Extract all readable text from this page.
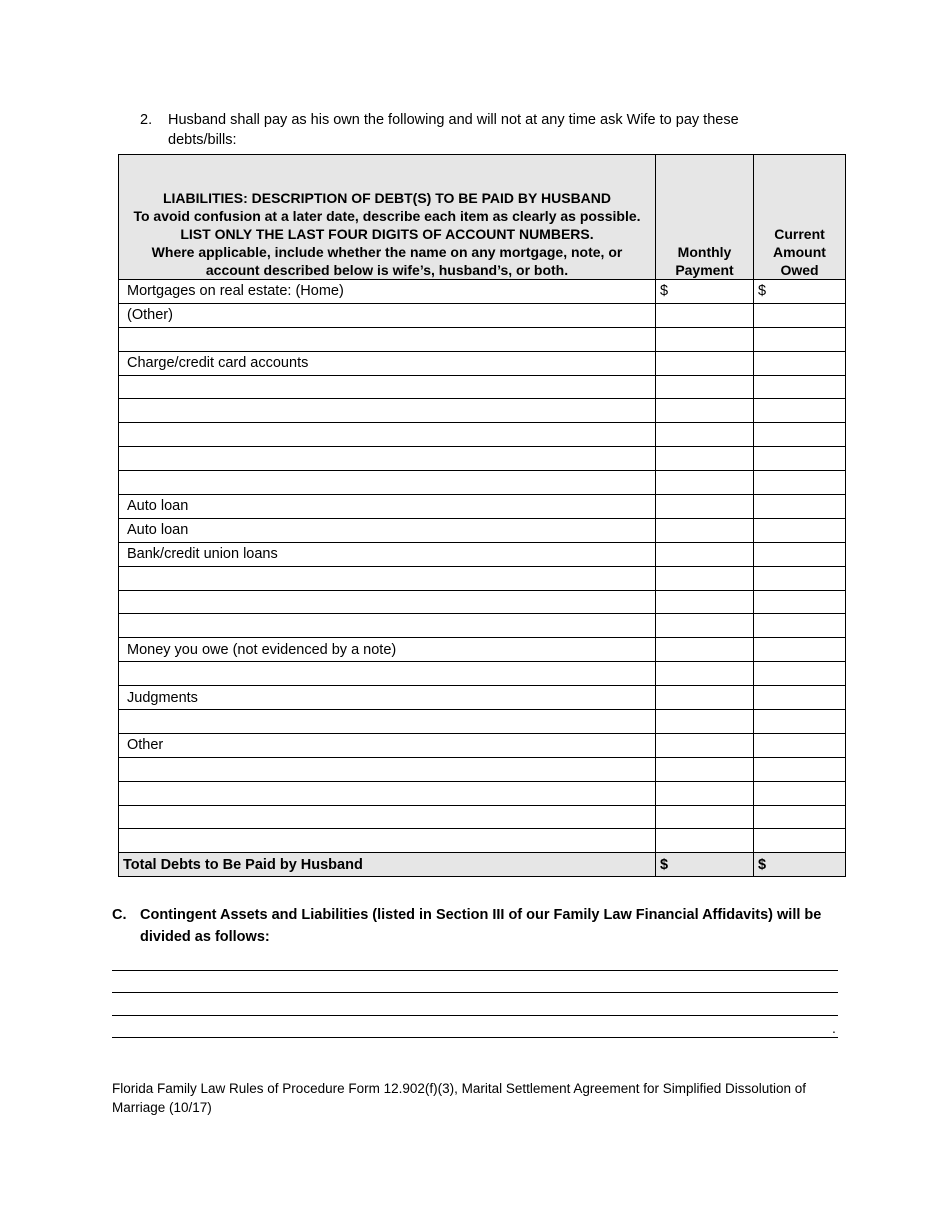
2. Husband shall pay as his own the following and will not at any time ask Wife to pay these debts/bills:

LIABILITIES: DESCRIPTION OF DEBT(S) TO BE PAID BY HUSBAND

To avoid confusion at a later date, describe each item as clearly as possible.

LIST ONLY THE LAST FOUR DIGITS OF ACCOUNT NUMBERS.

Where applicable, include whether the name on any mortgage, note, or account described below is wife’s, husband’s, or both.	Monthly Payment	Current Amount Owed
Mortgages on real estate: (Home)	$	$
(Other)		

Charge/credit card accounts		

Auto loan		
Auto loan		
Bank/credit union loans		

Money you owe (not evidenced by a note)		

Judgments		

Other		

Total Debts to Be Paid by Husband	$	$
C. Contingent Assets and Liabilities (listed in Section III of our Family Law Financial Affidavits) will be divided as follows:
.
Florida Family Law Rules of Procedure Form 12.902(f)(3), Marital Settlement Agreement for Simplified Dissolution of Marriage (10/17)
